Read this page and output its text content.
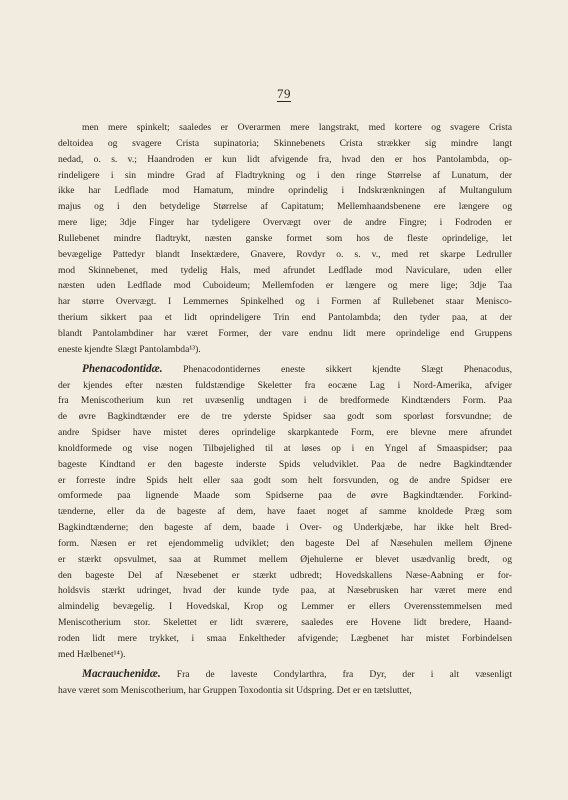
79
men mere spinkelt; saaledes er Overarmen mere langstrakt, med kortere og svagere Crista
deltoidea og svagere Crista supinatoria; Skinnebenets Crista strækker sig mindre langt
nedad, o. s. v.; Haandroden er kun lidt afvigende fra, hvad den er hos Pantolambda, op-
rindeligere i sin mindre Grad af Fladtrykning og i den ringe Størrelse af Lunatum, der
ikke har Ledflade mod Hamatum, mindre oprindelig i Indskrænkningen af Multangulum
majus og i den betydelige Størrelse af Capitatum; Mellemhaandsbenene ere længere og
mere lige; 3dje Finger har tydeligere Overvægt over de andre Fingre; i Fodroden er
Rullebenet mindre fladtrykt, næsten ganske formet som hos de fleste oprindelige, let
bevægelige Pattedyr blandt Insektædere, Gnavere, Rovdyr o. s. v., med ret skarpe Ledruller
mod Skinnebenet, med tydelig Hals, med afrundet Ledflade mod Naviculare, uden eller
næsten uden Ledflade mod Cuboideum; Mellemfoden er længere og mere lige; 3dje Taa
har større Overvægt. I Lemmernes Spinkelhed og i Formen af Rullebenet staar Menisco-
therium sikkert paa et lidt oprindeligere Trin end Pantolambda; den tyder paa, at der
blandt Pantolambdiner har været Former, der vare endnu lidt mere oprindelige end Gruppens
eneste kjendte Slægt Pantolambda¹³).
Phenacodontidæ. Phenacodontidernes eneste sikkert kjendte Slægt Phenacodus,
der kjendes efter næsten fuldstændige Skeletter fra eocæne Lag i Nord-Amerika, afviger
fra Meniscotherium kun ret uvæsenlig undtagen i de bredformede Kindtænders Form. Paa
de øvre Bagkindtænder ere de tre yderste Spidser saa godt som sporløst forsvundne; de
andre Spidser have mistet deres oprindelige skarpkantede Form, ere blevne mere afrundet
knoldformede og vise nogen Tilbøjelighed til at løses op i en Yngel af Smaaspidser; paa
bageste Kindtand er den bageste inderste Spids veludviklet. Paa de nedre Bagkindtænder
er forreste indre Spids helt eller saa godt som helt forsvunden, og de andre Spidser ere
omformede paa lignende Maade som Spidserne paa de øvre Bagkindtænder. Forkind-
tænderne, eller da de bageste af dem, have faaet noget af samme knoldede Præg som
Bagkindtænderne; den bageste af dem, baade i Over- og Underkjæbe, har ikke helt Bred-
form. Næsen er ret ejendommelig udviklet; den bageste Del af Næsehulen mellem Øjnene
er stærkt opsvulmet, saa at Rummet mellem Øjehulerne er blevet usædvanlig bredt, og
den bageste Del af Næsebenet er stærkt udbredt; Hovedskallens Næse-Aabning er for-
holdsvis stærkt udringet, hvad der kunde tyde paa, at Næsebrusken har været mere end
almindelig bevægelig. I Hovedskal, Krop og Lemmer er ellers Overensstemmelsen med
Meniscotherium stor. Skelettet er lidt sværere, saaledes ere Hovene lidt bredere, Haand-
roden lidt mere trykket, i smaa Enkeltheder afvigende; Lægbenet har mistet Forbindelsen
med Hælbenet¹⁴).
Macrauchenidæ. Fra de laveste Condylarthra, fra Dyr, der i alt væsenligt
have været som Meniscotherium, har Gruppen Toxodontia sit Udspring. Det er en tætsluttet,
